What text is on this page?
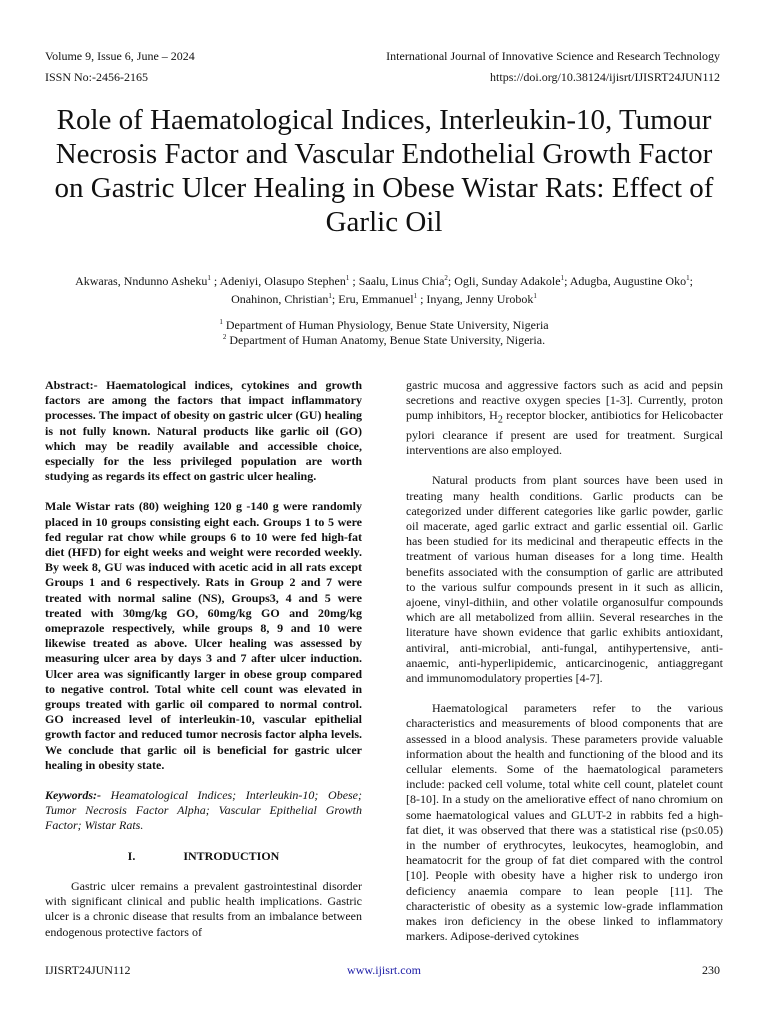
Volume 9, Issue 6, June – 2024
ISSN No:-2456-2165
International Journal of Innovative Science and Research Technology
https://doi.org/10.38124/ijisrt/IJISRT24JUN112
Role of Haematological Indices, Interleukin-10, Tumour Necrosis Factor and Vascular Endothelial Growth Factor on Gastric Ulcer Healing in Obese Wistar Rats: Effect of Garlic Oil
Akwaras, Nndunno Asheku$^1$ ; Adeniyi, Olasupo Stephen$^1$ ; Saalu, Linus Chia$^2$; Ogli, Sunday Adakole$^1$; Adugba, Augustine Oko$^1$;
Onahinon, Christian$^1$; Eru, Emmanuel$^1$ ; Inyang, Jenny Urobok$^1$
$^1$ Department of Human Physiology, Benue State University, Nigeria
$^2$ Department of Human Anatomy, Benue State University, Nigeria.

Abstract:- Haematological indices, cytokines and growth factors are among the factors that impact inflammatory processes. The impact of obesity on gastric ulcer (GU) healing is not fully known. Natural products like garlic oil (GO) which may be readily available and accessible choice, especially for the less privileged population are worth studying as regards its effect on gastric ulcer healing.

Male Wistar rats (80) weighing 120 g -140 g were randomly placed in 10 groups consisting eight each. Groups 1 to 5 were fed regular rat chow while groups 6 to 10 were fed high-fat diet (HFD) for eight weeks and weight were recorded weekly. By week 8, GU was induced with acetic acid in all rats except Groups 1 and 6 respectively. Rats in Group 2 and 7 were treated with normal saline (NS), Groups3, 4 and 5 were treated with 30mg/kg GO, 60mg/kg GO and 20mg/kg omeprazole respectively, while groups 8, 9 and 10 were likewise treated as above. Ulcer healing was assessed by measuring ulcer area by days 3 and 7 after ulcer induction. Ulcer area was significantly larger in obese group compared to negative control. Total white cell count was elevated in groups treated with garlic oil compared to normal control. GO increased level of interleukin-10, vascular epithelial growth factor and reduced tumor necrosis factor alpha levels. We conclude that garlic oil is beneficial for gastric ulcer healing in obesity state.

Keywords:- Heamatological Indices; Interleukin-10; Obese; Tumor Necrosis Factor Alpha; Vascular Epithelial Growth Factor; Wistar Rats.

I.	INTRODUCTION

Gastric ulcer remains a prevalent gastrointestinal disorder with significant clinical and public health implications. Gastric ulcer is a chronic disease that results from an imbalance between endogenous protective factors of

gastric mucosa and aggressive factors such as acid and pepsin secretions and reactive oxygen species [1-3]. Currently, proton pump inhibitors, $H_2$ receptor blocker, antibiotics for Helicobacter pylori clearance if present are used for treatment. Surgical interventions are also employed.

Natural products from plant sources have been used in treating many health conditions. Garlic products can be categorized under different categories like garlic powder, garlic oil macerate, aged garlic extract and garlic essential oil. Garlic has been studied for its medicinal and therapeutic effects in the treatment of various human diseases for a long time. Health benefits associated with the consumption of garlic are attributed to the various sulfur compounds present in it such as allicin, ajoene, vinyl-dithiin, and other volatile organosulfur compounds which are all metabolized from alliin. Several researches in the literature have shown evidence that garlic exhibits antioxidant, antiviral, anti-microbial, anti-fungal, antihypertensive, anti-anaemic, anti-hyperlipidemic, anticarcinogenic, antiaggregant and immunomodulatory properties [4-7].

Haematological parameters refer to the various characteristics and measurements of blood components that are assessed in a blood analysis. These parameters provide valuable information about the health and functioning of the blood and its cellular elements. Some of the haematological parameters include: packed cell volume, total white cell count, platelet count [8-10]. In a study on the ameliorative effect of nano chromium on some haematological values and GLUT-2 in rabbits fed a high- fat diet, it was observed that there was a statistical rise (p≤0.05) in the number of erythrocytes, leukocytes, heamoglobin, and heamatocrit for the group of fat diet compared with the control [10]. People with obesity have a higher risk to undergo iron deficiency anaemia compare to lean people [11]. The characteristic of obesity as a systemic low-grade inflammation makes iron deficiency in the obese linked to inflammatory markers. Adipose-derived cytokines

IJISRT24JUN112	www.ijisrt.com	230
